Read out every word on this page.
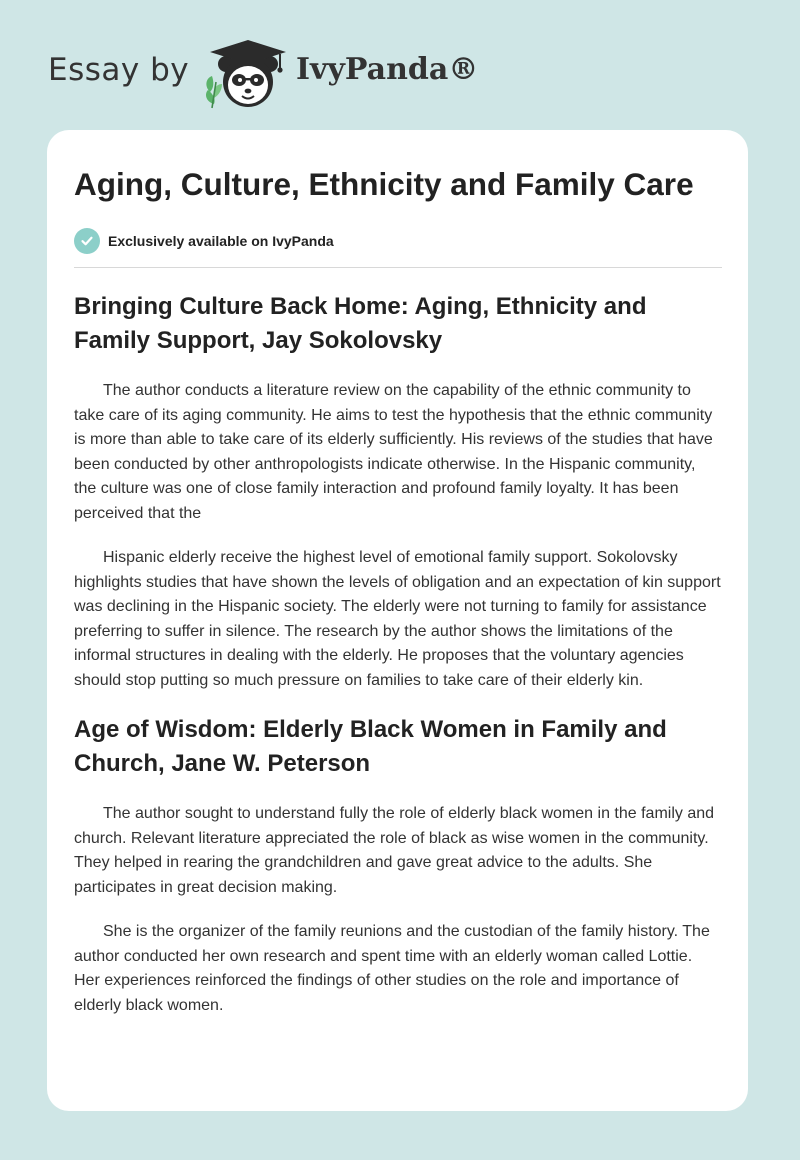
Essay by	IvyPanda®
Aging, Culture, Ethnicity and Family Care
Exclusively available on IvyPanda
Bringing Culture Back Home: Aging, Ethnicity and Family Support, Jay Sokolovsky

The author conducts a literature review on the capability of the ethnic community to take care of its aging community. He aims to test the hypothesis that the ethnic community is more than able to take care of its elderly sufficiently. His reviews of the studies that have been conducted by other anthropologists indicate otherwise. In the Hispanic community, the culture was one of close family interaction and profound family loyalty. It has been perceived that the

Hispanic elderly receive the highest level of emotional family support. Sokolovsky highlights studies that have shown the levels of obligation and an expectation of kin support was declining in the Hispanic society. The elderly were not turning to family for assistance preferring to suffer in silence. The research by the author shows the limitations of the informal structures in dealing with the elderly. He proposes that the voluntary agencies should stop putting so much pressure on families to take care of their elderly kin.

Age of Wisdom: Elderly Black Women in Family and Church, Jane W. Peterson

The author sought to understand fully the role of elderly black women in the family and church. Relevant literature appreciated the role of black as wise women in the community. They helped in rearing the grandchildren and gave great advice to the adults. She participates in great decision making.

She is the organizer of the family reunions and the custodian of the family history. The author conducted her own research and spent time with an elderly woman called Lottie. Her experiences reinforced the findings of other studies on the role and importance of elderly black women.
